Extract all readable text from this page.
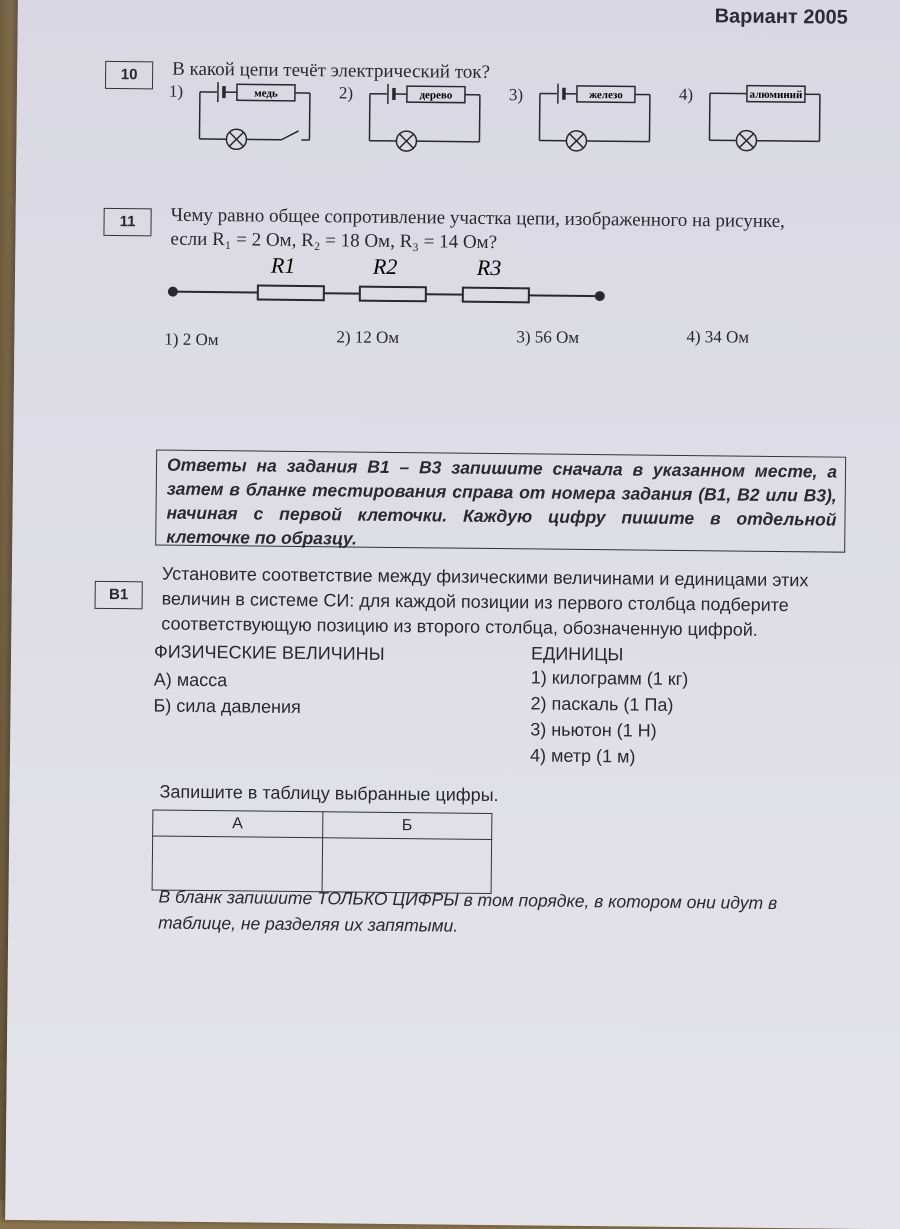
Вариант 2005
10	В какой цепи течёт электрический ток?
1)	2)	3)	4)
медь	дерево	железо	алюминий
11	Чему равно общее сопротивление участка цепи, изображенного на рисунке,
если R₁ = 2 Ом, R₂ = 18 Ом, R₃ = 14 Ом?
R1	R2	R3
1) 2 Ом	2) 12 Ом	3) 56 Ом	4) 34 Ом
Ответы на задания В1 – В3 запишите сначала в указанном месте, а затем в бланке тестирования справа от номера задания (В1, В2 или В3), начиная с первой клеточки. Каждую цифру пишите в отдельной клеточке по образцу.
В1
Установите соответствие между физическими величинами и единицами этих
величин в системе СИ: для каждой позиции из первого столбца подберите
соответствующую позицию из второго столбца, обозначенную цифрой.
ФИЗИЧЕСКИЕ ВЕЛИЧИНЫ
А) масса
Б) сила давления
ЕДИНИЦЫ
1) килограмм (1 кг)
2) паскаль (1 Па)
3) ньютон (1 Н)
4) метр (1 м)
Запишите в таблицу выбранные цифры.
А	Б

В бланк запишите ТОЛЬКО ЦИФРЫ в том порядке, в котором они идут в
таблице, не разделяя их запятыми.
